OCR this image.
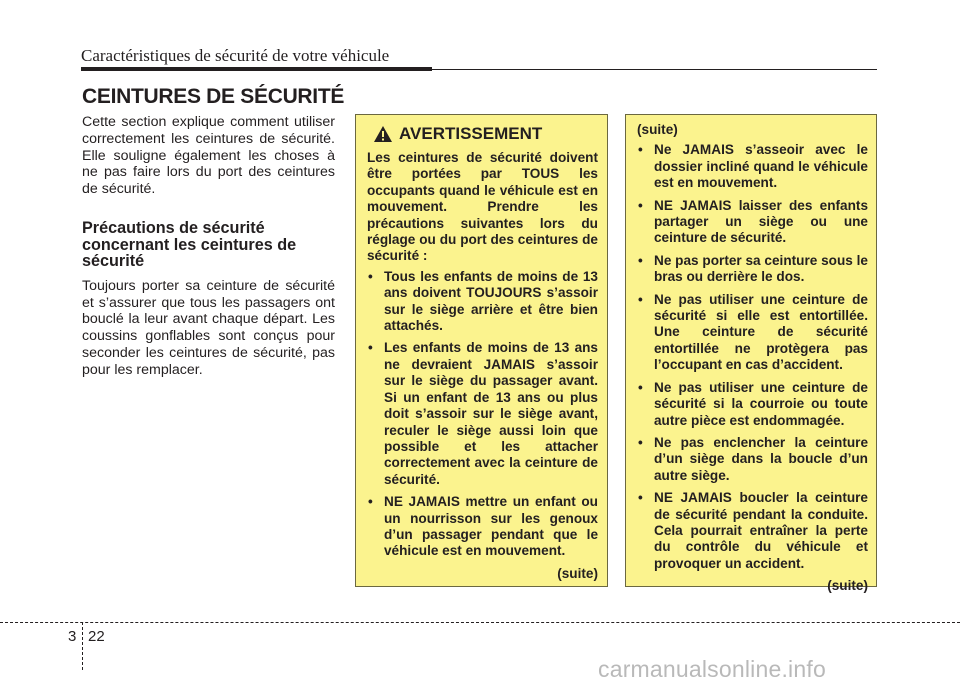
Caractéristiques de sécurité de votre véhicule
CEINTURES DE SÉCURITÉ

Cette section explique comment utiliser correctement les ceintures de sécurité. Elle souligne également les choses à ne pas faire lors du port des ceintures de sécurité.

Précautions de sécurité concernant les ceintures de sécurité

Toujours porter sa ceinture de sécurité et s’assurer que tous les passagers ont bouclé la leur avant chaque départ. Les coussins gonflables sont conçus pour seconder les ceintures de sécurité, pas pour les remplacer.

AVERTISSEMENT

Les ceintures de sécurité doivent être portées par TOUS les occupants quand le véhicule est en mouvement. Prendre les précautions suivantes lors du réglage ou du port des ceintures de sécurité :

• Tous les enfants de moins de 13 ans doivent TOUJOURS s’assoir sur le siège arrière et être bien attachés.
• Les enfants de moins de 13 ans ne devraient JAMAIS s’assoir sur le siège du passager avant. Si un enfant de 13 ans ou plus doit s’assoir sur le siège avant, reculer le siège aussi loin que possible et les attacher correctement avec la ceinture de sécurité.
• NE JAMAIS mettre un enfant ou un nourrisson sur les genoux d’un passager pendant que le véhicule est en mouvement.

(suite)

(suite)

• Ne JAMAIS s’asseoir avec le dossier incliné quand le véhicule est en mouvement.
• NE JAMAIS laisser des enfants partager un siège ou une ceinture de sécurité.
• Ne pas porter sa ceinture sous le bras ou derrière le dos.
• Ne pas utiliser une ceinture de sécurité si elle est entortillée. Une ceinture de sécurité entortillée ne protègera pas l’occupant en cas d’accident.
• Ne pas utiliser une ceinture de sécurité si la courroie ou toute autre pièce est endommagée.
• Ne pas enclencher la ceinture d’un siège dans la boucle d’un autre siège.
• NE JAMAIS boucler la ceinture de sécurité pendant la conduite. Cela pourrait entraîner la perte du contrôle du véhicule et provoquer un accident.

(suite)

3 22
carmanualsonline.info
